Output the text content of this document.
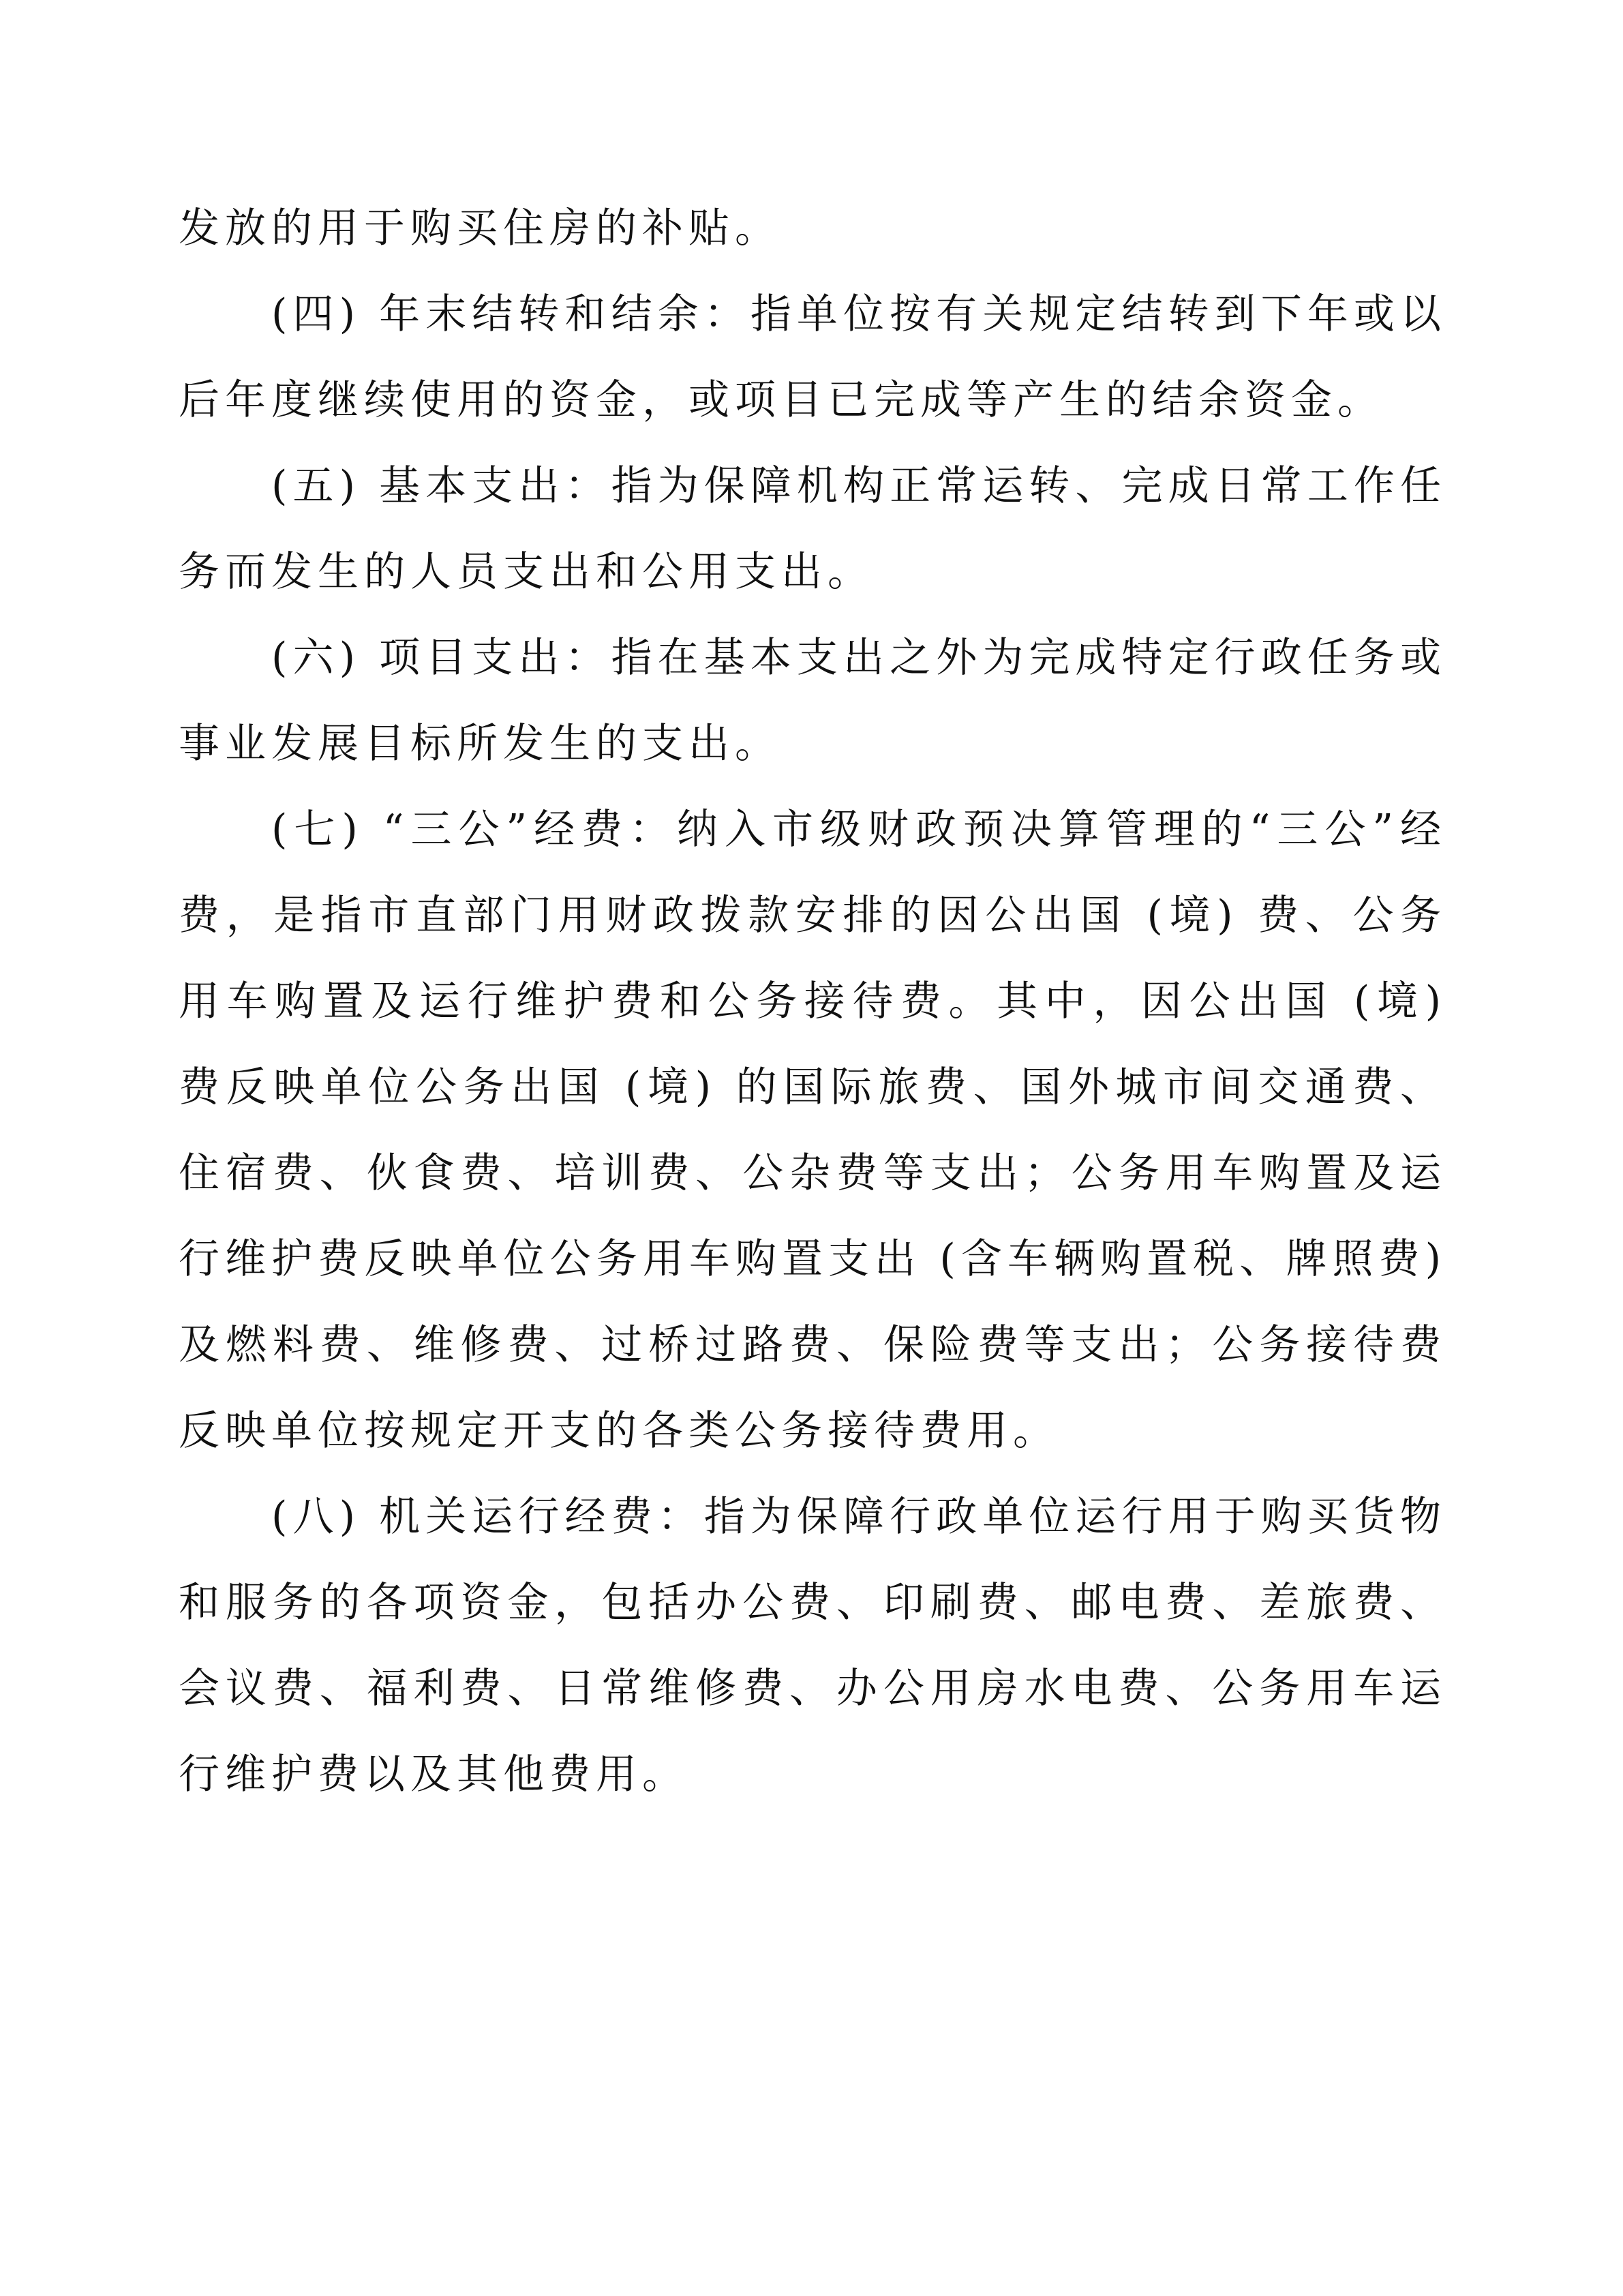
发放的用于购买住房的补贴。

(四) 年末结转和结余：指单位按有关规定结转到下年或以后年度继续使用的资金，或项目已完成等产生的结余资金。

(五) 基本支出：指为保障机构正常运转、完成日常工作任务而发生的人员支出和公用支出。

(六) 项目支出：指在基本支出之外为完成特定行政任务或事业发展目标所发生的支出。

(七) “三公”经费：纳入市级财政预决算管理的“三公”经费，是指市直部门用财政拨款安排的因公出国 (境) 费、公务用车购置及运行维护费和公务接待费。其中，因公出国 (境) 费反映单位公务出国 (境) 的国际旅费、国外城市间交通费、住宿费、伙食费、培训费、公杂费等支出；公务用车购置及运行维护费反映单位公务用车购置支出 (含车辆购置税、牌照费) 及燃料费、维修费、过桥过路费、保险费等支出；公务接待费反映单位按规定开支的各类公务接待费用。

(八) 机关运行经费：指为保障行政单位运行用于购买货物和服务的各项资金，包括办公费、印刷费、邮电费、差旅费、会议费、福利费、日常维修费、办公用房水电费、公务用车运行维护费以及其他费用。
